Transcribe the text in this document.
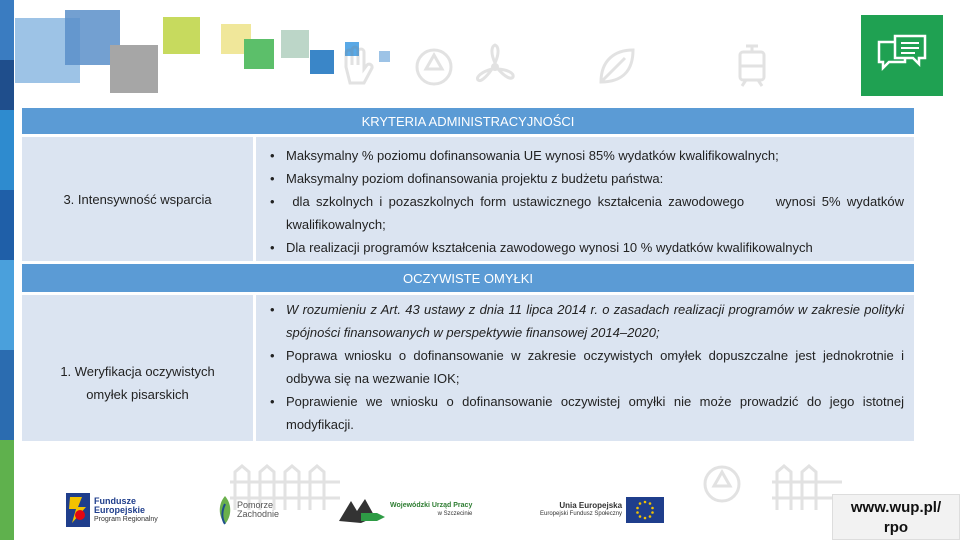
KRYTERIA ADMINISTRACYJNOŚCI
3. Intensywność wsparcia
• Maksymalny % poziomu dofinansowania UE wynosi 85% wydatków kwalifikowalnych;
• Maksymalny poziom dofinansowania projektu z budżetu państwa:
• dla szkolnych i pozaszkolnych form ustawicznego kształcenia zawodowego     wynosi 5% wydatków kwalifikowalnych;
• Dla realizacji programów kształcenia zawodowego wynosi 10 % wydatków kwalifikowalnych
OCZYWISTE OMYŁKI
1. Weryfikacja oczywistych
omyłek pisarskich
• W rozumieniu z Art. 43 ustawy z dnia 11 lipca 2014 r. o zasadach realizacji programów w zakresie polityki spójności finansowanych w perspektywie finansowej 2014–2020;
• Poprawa wniosku o dofinansowanie w zakresie oczywistych omyłek dopuszczalne jest jednokrotnie i odbywa się na wezwanie IOK;
• Poprawienie we wniosku o dofinansowanie oczywistej omyłki nie może prowadzić do jego istotnej modyfikacji.
Fundusze
Europejskie
Program Regionalny
Pomorze
Zachodnie
Wojewódzki Urząd Pracy
w Szczecinie
Unia Europejska
Europejski Fundusz Społeczny	www.wup.pl/
rpo
